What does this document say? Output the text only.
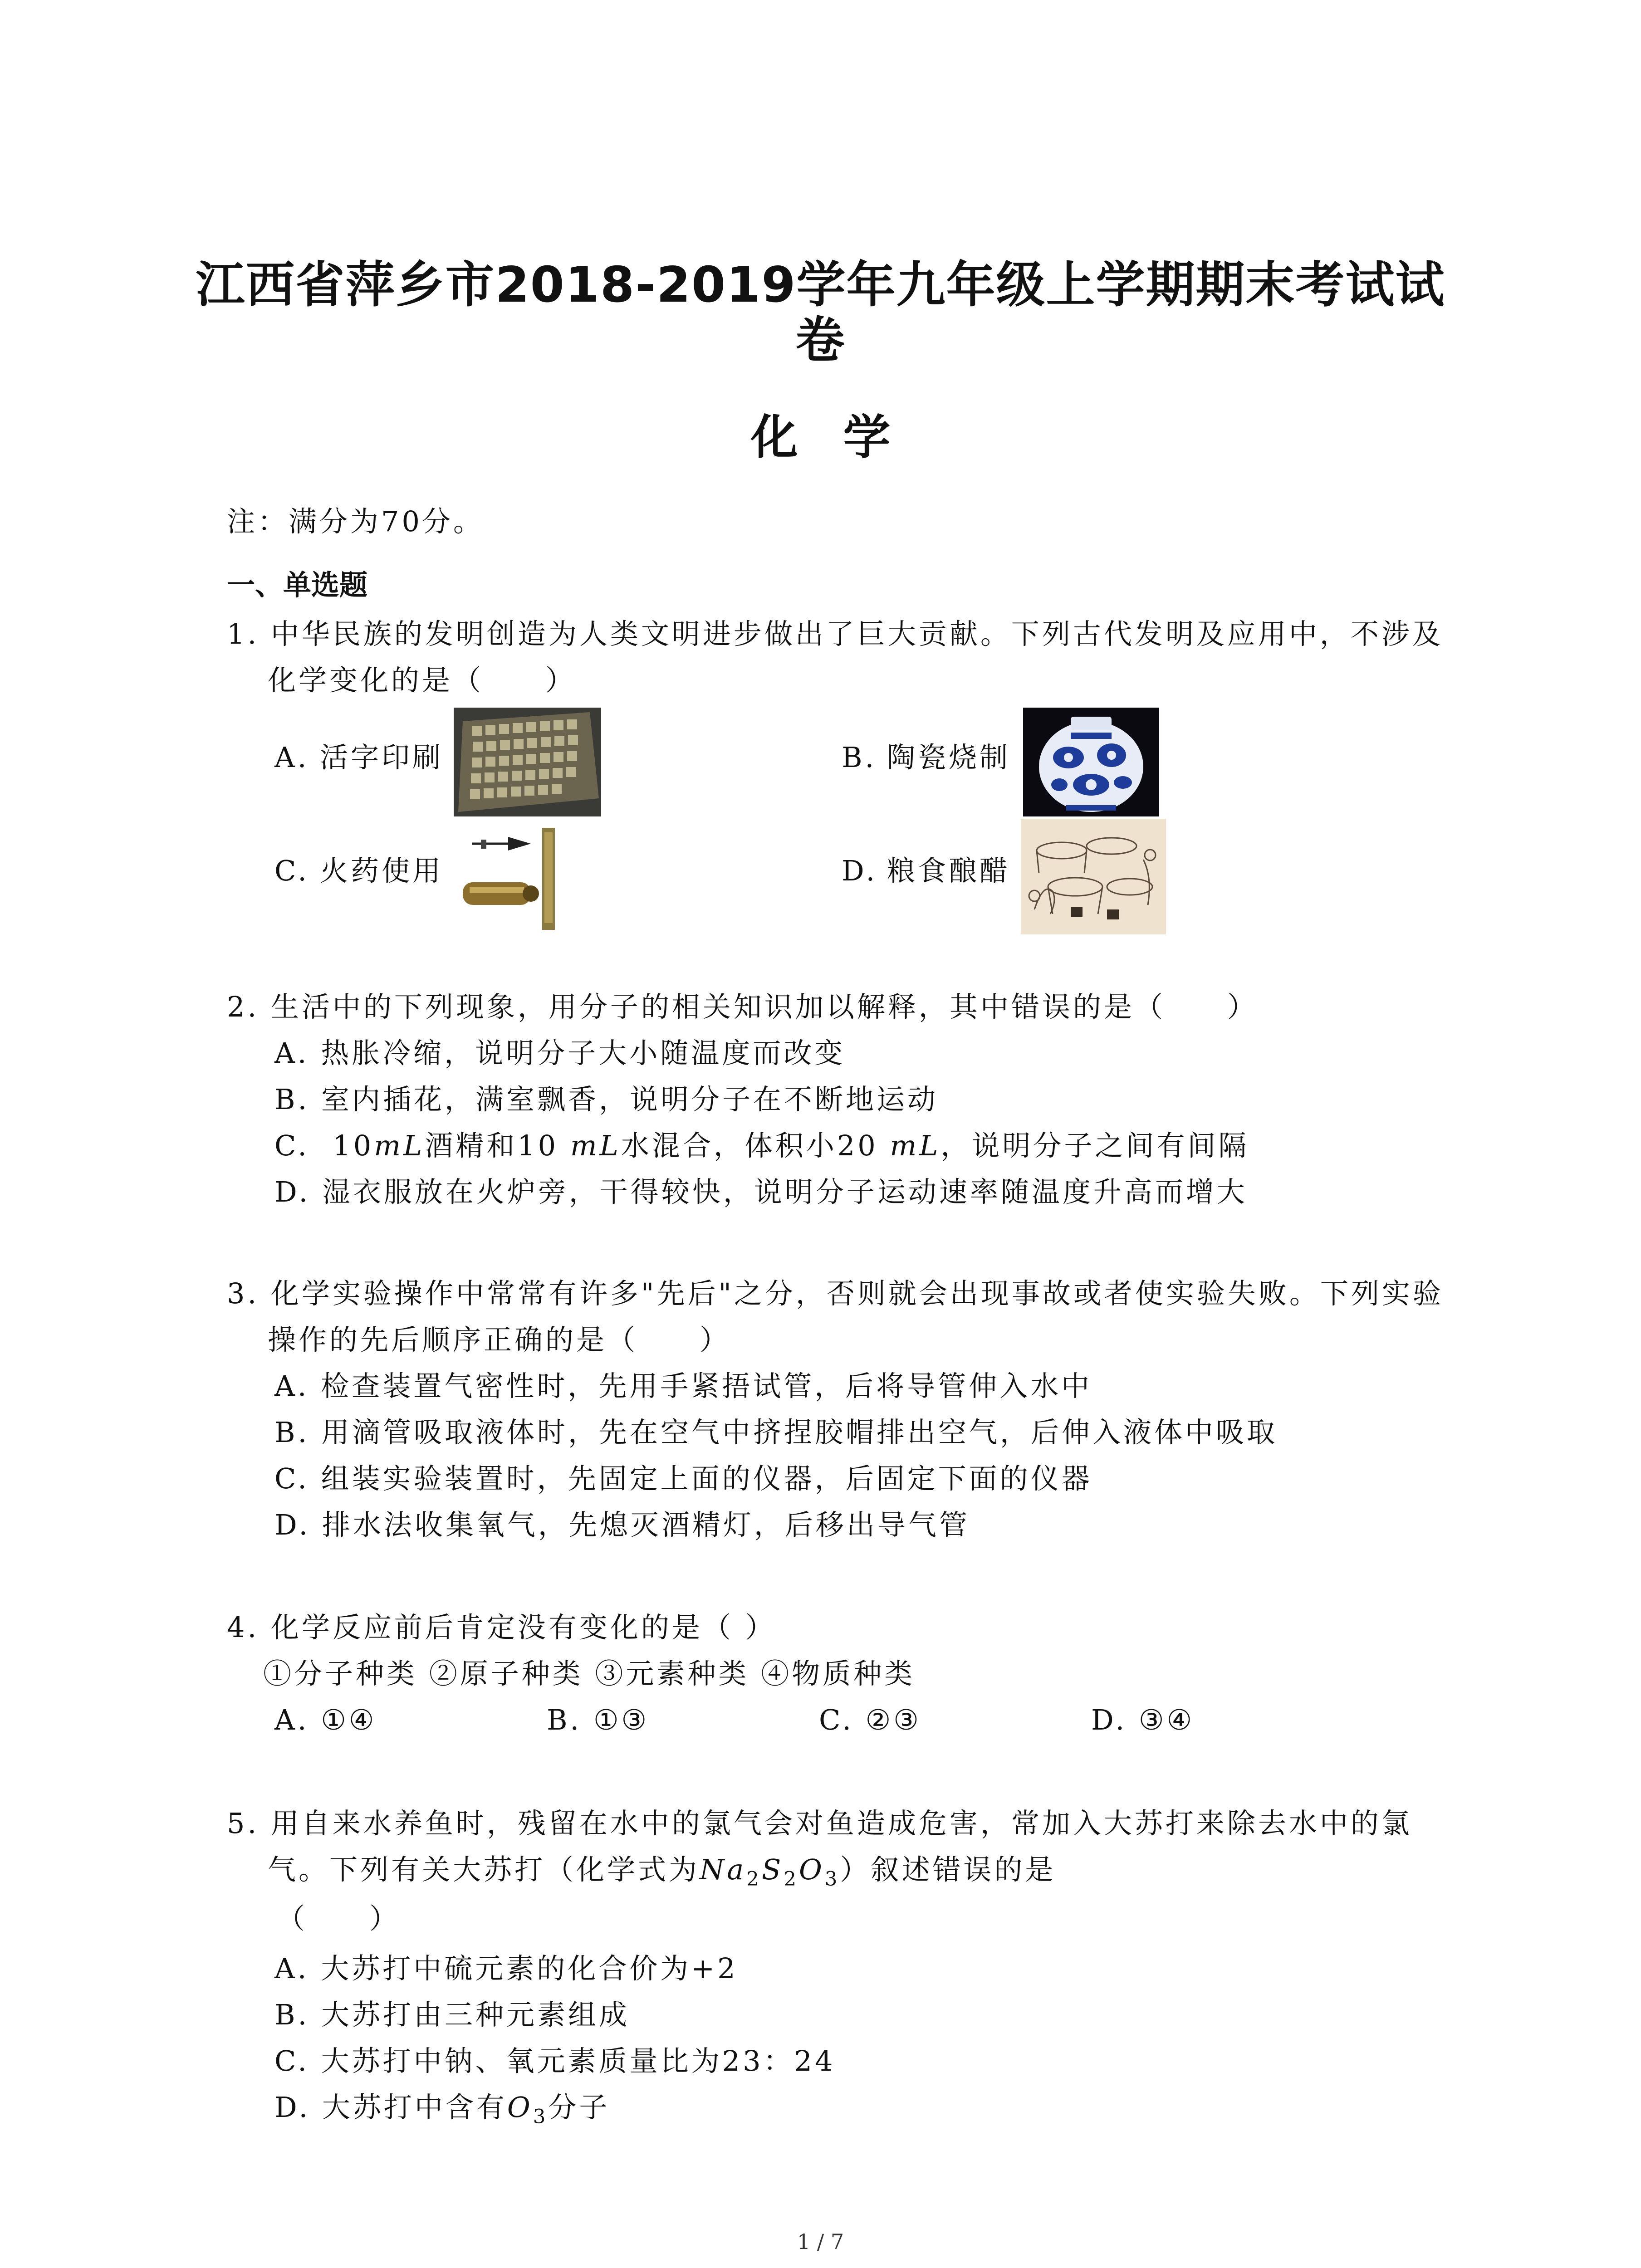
江西省萍乡市2018-2019学年九年级上学期期末考试试
卷
化学
注：满分为70分。
一、单选题
1. 中华民族的发明创造为人类文明进步做出了巨大贡献。下列古代发明及应用中，不涉及
化学变化的是（　　）
A. 活字印刷	B. 陶瓷烧制
C. 火药使用	D. 粮食酿醋
2. 生活中的下列现象，用分子的相关知识加以解释，其中错误的是（　　）
A. 热胀冷缩，说明分子大小随温度而改变
B. 室内插花，满室飘香，说明分子在不断地运动
C. 10mL酒精和10 mL水混合，体积小20 mL，说明分子之间有间隔
D. 湿衣服放在火炉旁，干得较快，说明分子运动速率随温度升高而增大
3. 化学实验操作中常常有许多"先后"之分，否则就会出现事故或者使实验失败。下列实验
操作的先后顺序正确的是（　　）
A. 检查装置气密性时，先用手紧捂试管，后将导管伸入水中
B. 用滴管吸取液体时，先在空气中挤捏胶帽排出空气，后伸入液体中吸取
C. 组装实验装置时，先固定上面的仪器，后固定下面的仪器
D. 排水法收集氧气，先熄灭酒精灯，后移出导气管
4. 化学反应前后肯定没有变化的是（ ）
①分子种类 ②原子种类 ③元素种类 ④物质种类
A. ①④	B. ①③	C. ②③	D. ③④
5. 用自来水养鱼时，残留在水中的氯气会对鱼造成危害，常加入大苏打来除去水中的氯
气。下列有关大苏打（化学式为$Na_2S_2O_3$）叙述错误的是
（　　）
A. 大苏打中硫元素的化合价为+2
B. 大苏打由三种元素组成
C. 大苏打中钠、氧元素质量比为23：24
D. 大苏打中含有$O_3$分子
1 / 7
